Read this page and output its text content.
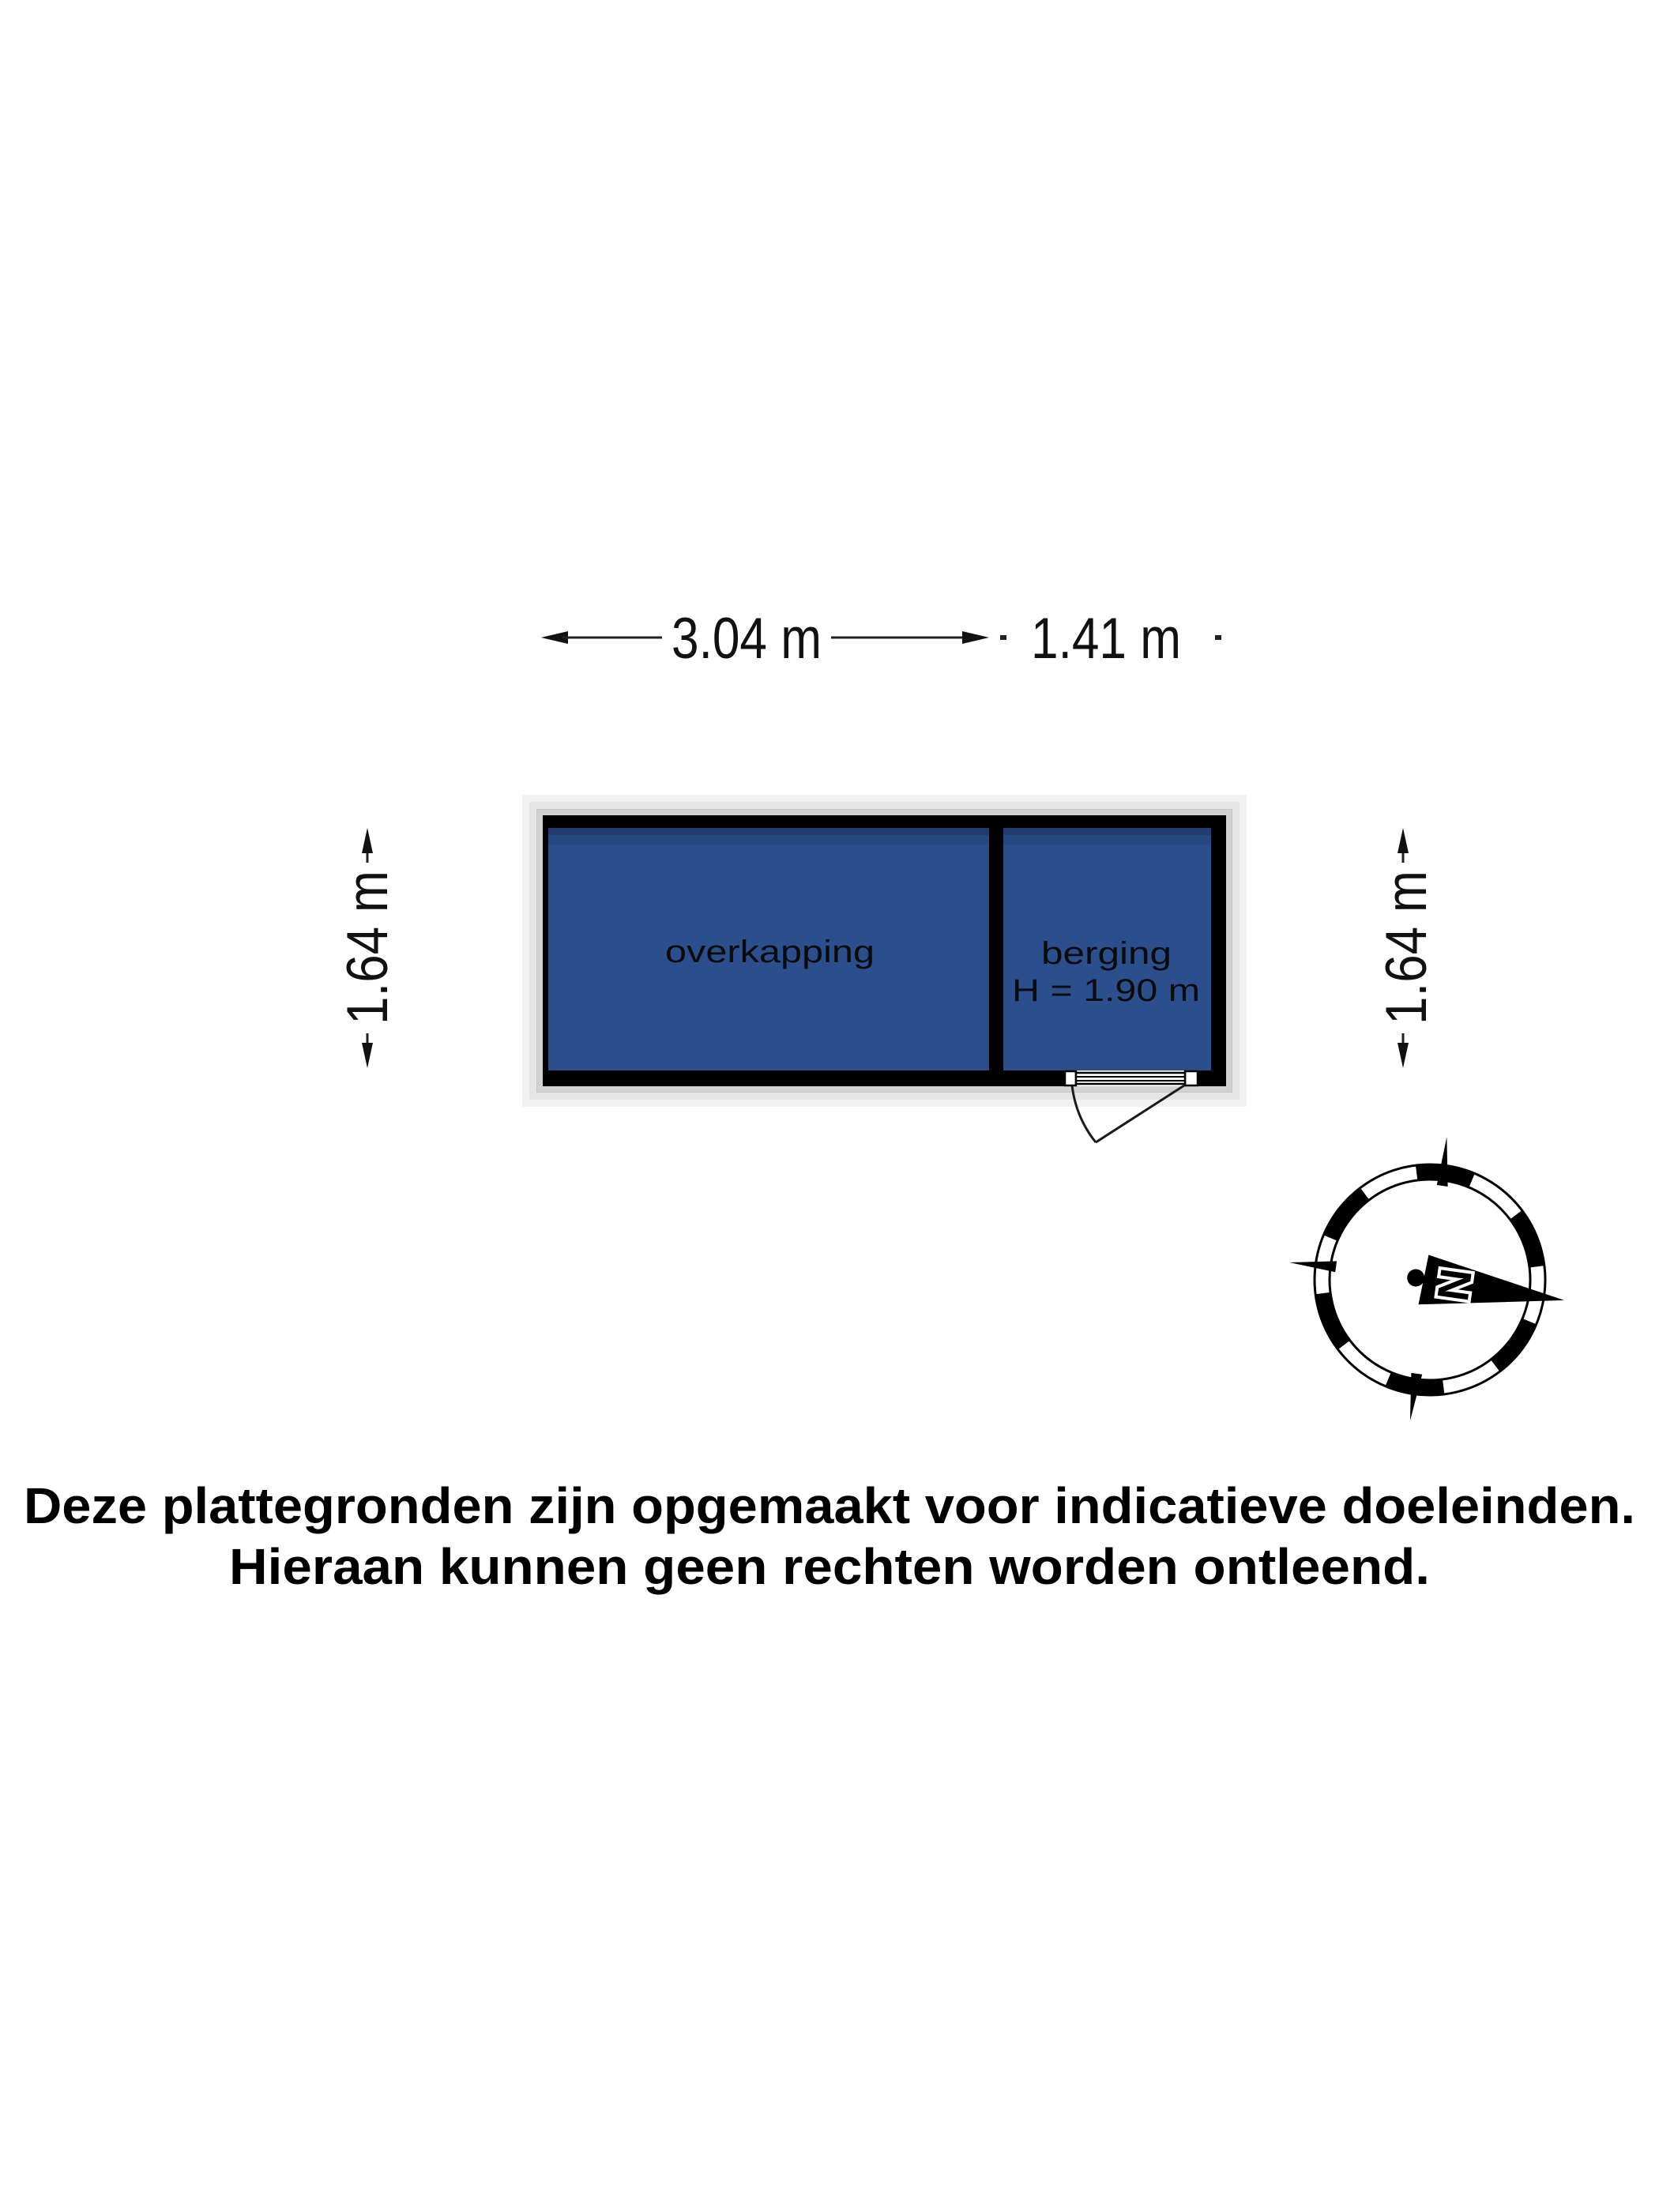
3.04 m	1.41 m
1.64 m	1.64 m
overkapping	berging
H = 1.90 m
N
Deze plattegronden zijn opgemaakt voor indicatieve doeleinden.
Hieraan kunnen geen rechten worden ontleend.
